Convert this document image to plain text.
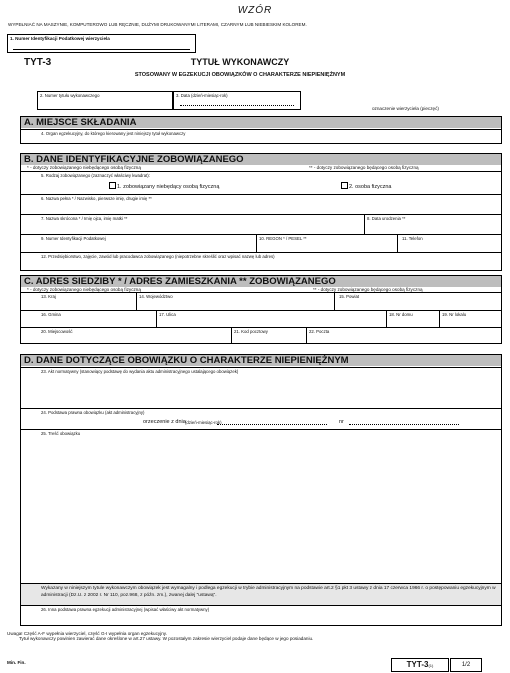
WZÓR
WYPEŁNIAĆ NA MASZYNIE, KOMPUTEROWO LUB RĘCZNIE, DUŻYMI DRUKOWANYMI LITERAMI, CZARNYM LUB NIEBIESKIM KOLOREM.
1. Numer Identyfikacji Podatkowej wierzyciela
TYT-3	TYTUŁ WYKONAWCZY
STOSOWANY W EGZEKUCJI OBOWIĄZKÓW O CHARAKTERZE NIEPIENIĘŻNYM
2. Numer tytułu wykonawczego	3. Data (dzień-miesiąc-rok)
oznaczenie wierzyciela (pieczęć)
A. MIEJSCE SKŁADANIA
4. Organ egzekucyjny, do którego kierowany jest niniejszy tytuł wykonawczy
B. DANE IDENTYFIKACYJNE ZOBOWIĄZANEGO
* - dotyczy zobowiązanego niebędącego osobą fizyczną	** - dotyczy zobowiązanego będącego osobą fizyczną
5. Rodzaj zobowiązanego (zaznaczyć właściwy kwadrat):
1. zobowiązany niebędący osobą fizyczną	2. osoba fizyczna
6. Nazwa pełna * / Nazwisko, pierwsze imię, drugie imię **
7. Nazwa skrócona * / Imię ojca, imię matki **	8. Data urodzenia **
9. Numer Identyfikacji Podatkowej	10. REGON * / PESEL **	11. Telefon
12. Przedsiębiorstwo, zajęcie, zawód lub pracodawca zobowiązanego (niepotrzebne skreślić oraz wpisać nazwę lub adres)
C. ADRES SIEDZIBY * / ADRES ZAMIESZKANIA ** ZOBOWIĄZANEGO
* - dotyczy zobowiązanego niebędącego osobą fizyczną	** - dotyczy zobowiązanego będącego osobą fizyczną
13. Kraj	14. Województwo	15. Powiat
16. Gmina	17. Ulica	18. Nr domu	19. Nr lokalu
20. Miejscowość	21. Kod pocztowy	22. Poczta
D. DANE DOTYCZĄCE OBOWIĄZKU O CHARAKTERZE NIEPIENIĘŻNYM
23. Akt normatywny (stanowiący podstawę do wydania aktu administracyjnego ustalającego obowiązek)
24. Podstawa prawna obowiązku (akt administracyjny)
orzeczenie z dnia (dzień-miesiąc-rok)	nr
25. Treść obowiązku
Wykazany w niniejszym tytule wykonawczym obowiązek jest wymagalny i podlega egzekucji w trybie administracyjnym na podstawie art.2 §1 pkt 3 ustawy z dnia 17 czerwca 1966 r. o postępowaniu egzekucyjnym w administracji (Dz.U. z 2002 r. Nr 110, poz.968, z późn. zm.), zwanej dalej "ustawą".
26. Inna podstawa prawna egzekucji administracyjnej (wpisać właściwy akt normatywny)
Uwaga! Część A-F wypełnia wierzyciel, część G-I wypełnia organ egzekucyjny.
Tytuł wykonawczy powinien zawierać dane określone w art.27 ustawy. W pozostałym zakresie wierzyciel podaje dane będące w jego posiadaniu.
Min. Fin.	TYT-3(1)	1/2
